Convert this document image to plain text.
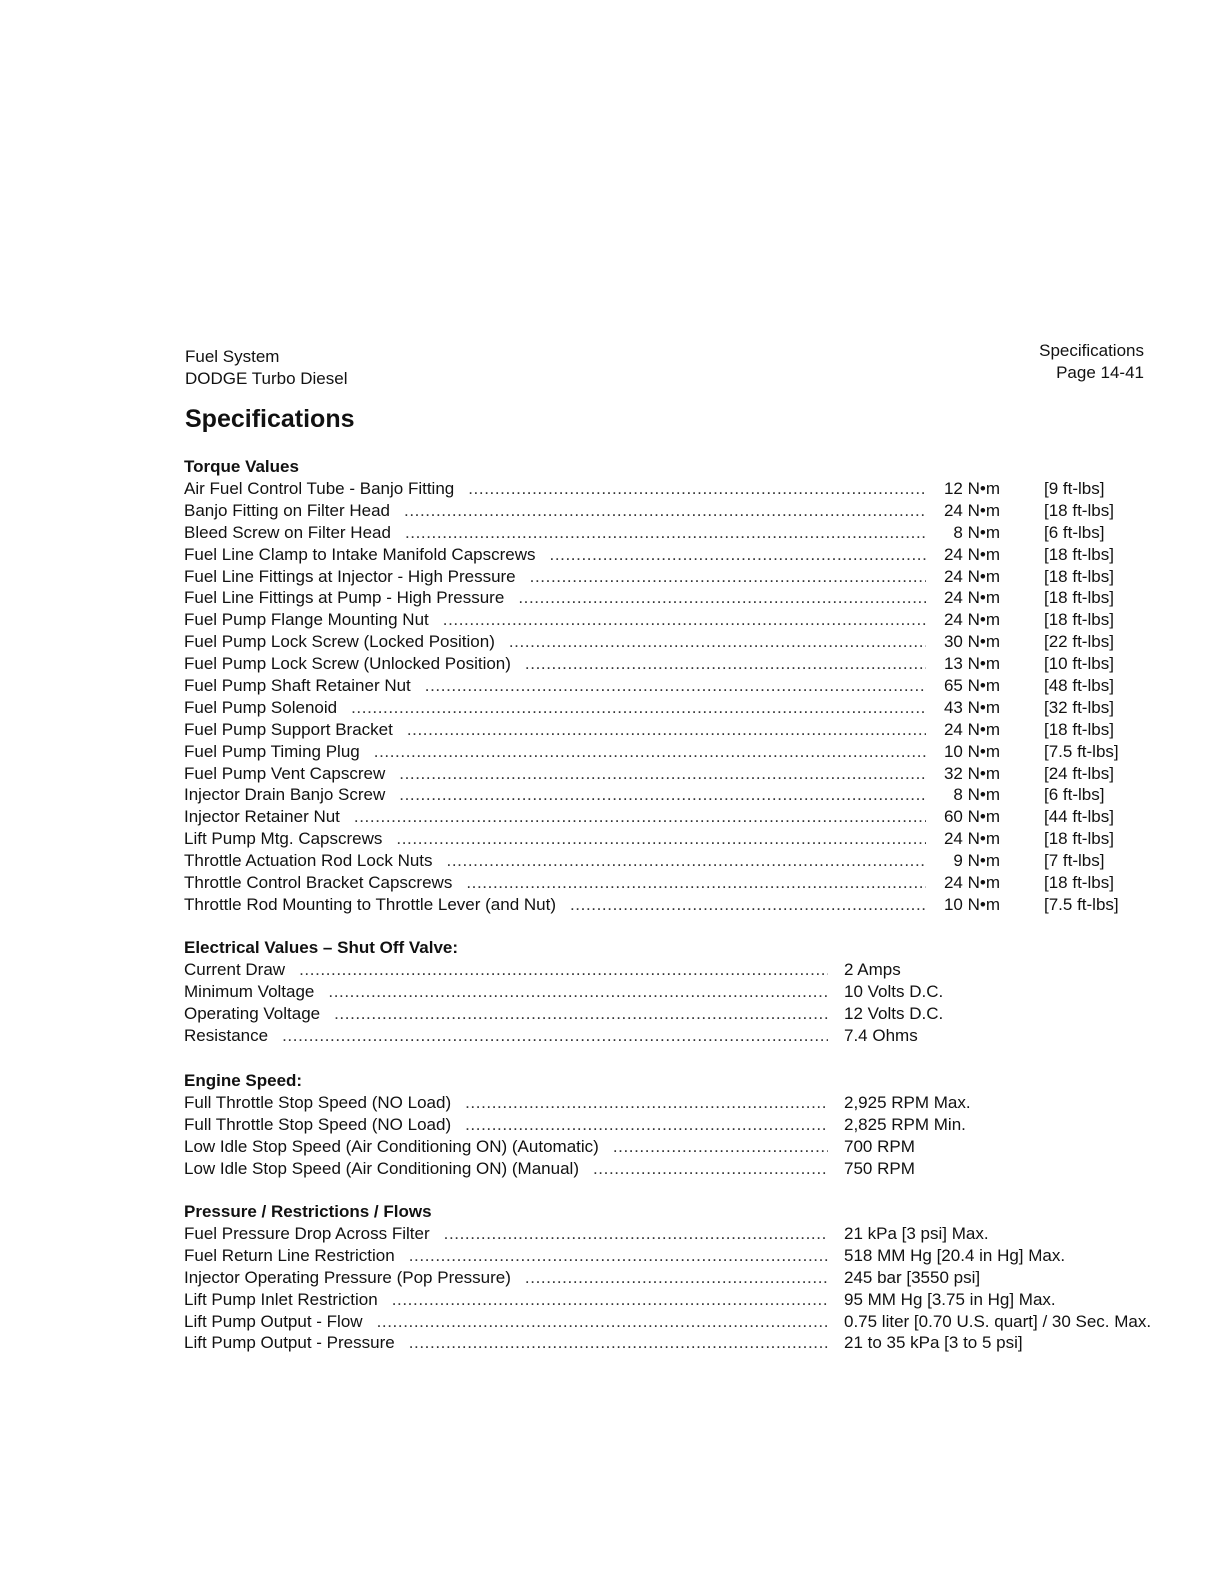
Fuel System
DODGE Turbo Diesel
Specifications
Page 14-41
Specifications
Torque Values
Air Fuel Control Tube - Banjo Fitting .....	12 N•m	[9 ft-lbs]
Banjo Fitting on Filter Head .....	24 N•m	[18 ft-lbs]
Bleed Screw on Filter Head .....	8 N•m	[6 ft-lbs]
Fuel Line Clamp to Intake Manifold Capscrews .....	24 N•m	[18 ft-lbs]
Fuel Line Fittings at Injector - High Pressure .....	24 N•m	[18 ft-lbs]
Fuel Line Fittings at Pump - High Pressure .....	24 N•m	[18 ft-lbs]
Fuel Pump Flange Mounting Nut .....	24 N•m	[18 ft-lbs]
Fuel Pump Lock Screw (Locked Position) .....	30 N•m	[22 ft-lbs]
Fuel Pump Lock Screw (Unlocked Position) .....	13 N•m	[10 ft-lbs]
Fuel Pump Shaft Retainer Nut .....	65 N•m	[48 ft-lbs]
Fuel Pump Solenoid .....	43 N•m	[32 ft-lbs]
Fuel Pump Support Bracket .....	24 N•m	[18 ft-lbs]
Fuel Pump Timing Plug .....	10 N•m	[7.5 ft-lbs]
Fuel Pump Vent Capscrew .....	32 N•m	[24 ft-lbs]
Injector Drain Banjo Screw .....	8 N•m	[6 ft-lbs]
Injector Retainer Nut .....	60 N•m	[44 ft-lbs]
Lift Pump Mtg. Capscrews .....	24 N•m	[18 ft-lbs]
Throttle Actuation Rod Lock Nuts .....	9 N•m	[7 ft-lbs]
Throttle Control Bracket Capscrews .....	24 N•m	[18 ft-lbs]
Throttle Rod Mounting to Throttle Lever (and Nut) .....	10 N•m	[7.5 ft-lbs]
Electrical Values – Shut Off Valve:
Current Draw .....	2 Amps
Minimum Voltage .....	10 Volts D.C.
Operating Voltage .....	12 Volts D.C.
Resistance .....	7.4 Ohms
Engine Speed:
Full Throttle Stop Speed (NO Load) .....	2,925 RPM Max.
Full Throttle Stop Speed (NO Load) .....	2,825 RPM Min.
Low Idle Stop Speed (Air Conditioning ON) (Automatic) .....	700 RPM
Low Idle Stop Speed (Air Conditioning ON) (Manual) .....	750 RPM
Pressure / Restrictions / Flows
Fuel Pressure Drop Across Filter .....	21 kPa [3 psi] Max.
Fuel Return Line Restriction .....	518 MM Hg [20.4 in Hg] Max.
Injector Operating Pressure (Pop Pressure) .....	245 bar [3550 psi]
Lift Pump Inlet Restriction .....	95 MM Hg [3.75 in Hg] Max.
Lift Pump Output - Flow .....	0.75 liter [0.70 U.S. quart] / 30 Sec. Max.
Lift Pump Output - Pressure .....	21 to 35 kPa [3 to 5 psi]
